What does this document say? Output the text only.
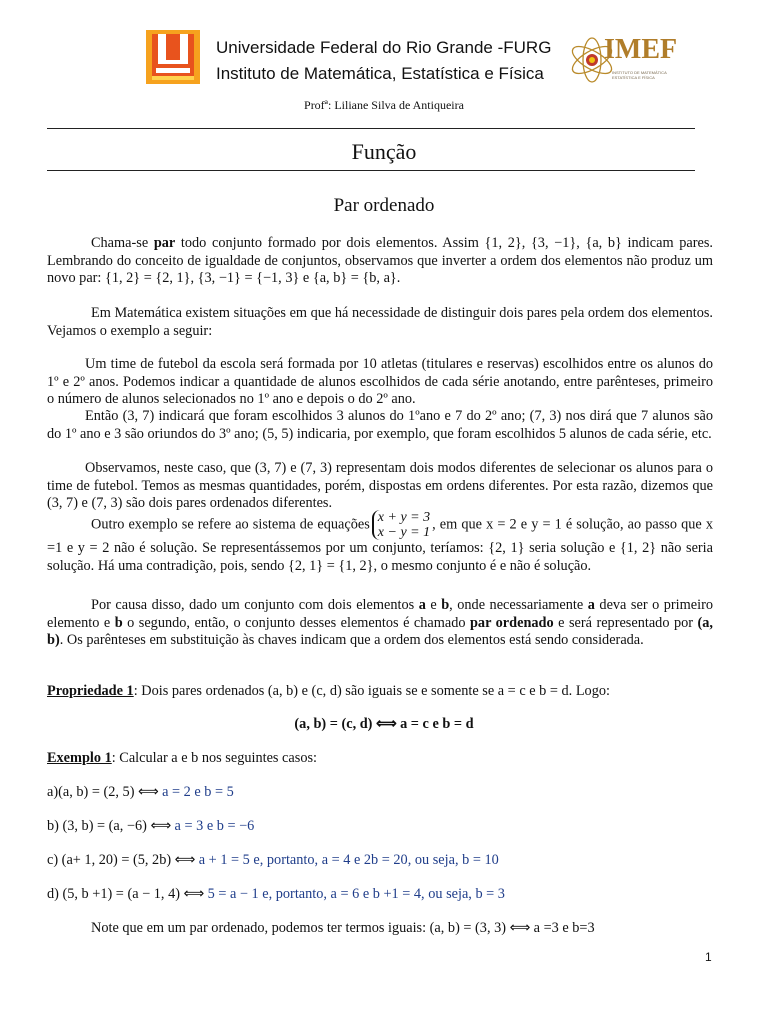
Universidade Federal do Rio Grande -FURG
Instituto de Matemática, Estatística e Física
IMEF
INSTITUTO DE MATEMÁTICA ESTATÍSTICA E FÍSICA
Profª: Liliane Silva de Antiqueira
Função
Par ordenado

Chama-se par todo conjunto formado por dois elementos. Assim {1, 2}, {3, −1}, {a, b} indicam pares. Lembrando do conceito de igualdade de conjuntos, observamos que inverter a ordem dos elementos não produz um novo par: {1, 2} = {2, 1}, {3, −1} = {−1, 3} e {a, b} = {b, a}.

Em Matemática existem situações em que há necessidade de distinguir dois pares pela ordem dos elementos. Vejamos o exemplo a seguir:

Um time de futebol da escola será formada por 10 atletas (titulares e reservas) escolhidos entre os alunos do 1º e 2º anos. Podemos indicar a quantidade de alunos escolhidos de cada série anotando, entre parênteses, primeiro o número de alunos selecionados no 1º ano e depois o do 2º ano.

Então (3, 7) indicará que foram escolhidos 3 alunos do 1ºano e 7 do 2º ano; (7, 3) nos dirá que 7 alunos são do 1º ano e 3 são oriundos do 3º ano; (5, 5) indicaria, por exemplo, que foram escolhidos 5 alunos de cada série, etc.

Observamos, neste caso, que (3, 7) e (7, 3) representam dois modos diferentes de selecionar os alunos para o time de futebol. Temos as mesmas quantidades, porém, dispostas em ordens diferentes. Por esta razão, dizemos que (3, 7) e (7, 3) são dois pares ordenados diferentes.

Outro exemplo se refere ao sistema de equações x + y = 3
x − y = 1, em que x = 2 e y = 1 é solução, ao passo que x =1 e y = 2 não é solução. Se representássemos por um conjunto, teríamos: {2, 1} seria solução e {1, 2} não seria solução. Há uma contradição, pois, sendo {2, 1} = {1, 2}, o mesmo conjunto é e não é solução.

Por causa disso, dado um conjunto com dois elementos a e b, onde necessariamente a deva ser o primeiro elemento e b o segundo, então, o conjunto desses elementos é chamado par ordenado e será representado por (a, b). Os parênteses em substituição às chaves indicam que a ordem dos elementos está sendo considerada.

Propriedade 1: Dois pares ordenados (a, b) e (c, d) são iguais se e somente se a = c e b = d. Logo:
(a, b) = (c, d) ⟺ a = c e b = d
Exemplo 1: Calcular a e b nos seguintes casos:
a)(a, b) = (2, 5) ⟺ a = 2 e b = 5
b) (3, b) = (a, −6) ⟺ a = 3 e b = −6
c) (a+ 1, 20) = (5, 2b) ⟺ a + 1 = 5 e, portanto, a = 4 e 2b = 20, ou seja, b = 10
d) (5, b +1) = (a − 1, 4) ⟺ 5 = a − 1 e, portanto, a = 6 e b +1 = 4, ou seja, b = 3
Note que em um par ordenado, podemos ter termos iguais: (a, b) = (3, 3) ⟺ a =3 e b=3
1
